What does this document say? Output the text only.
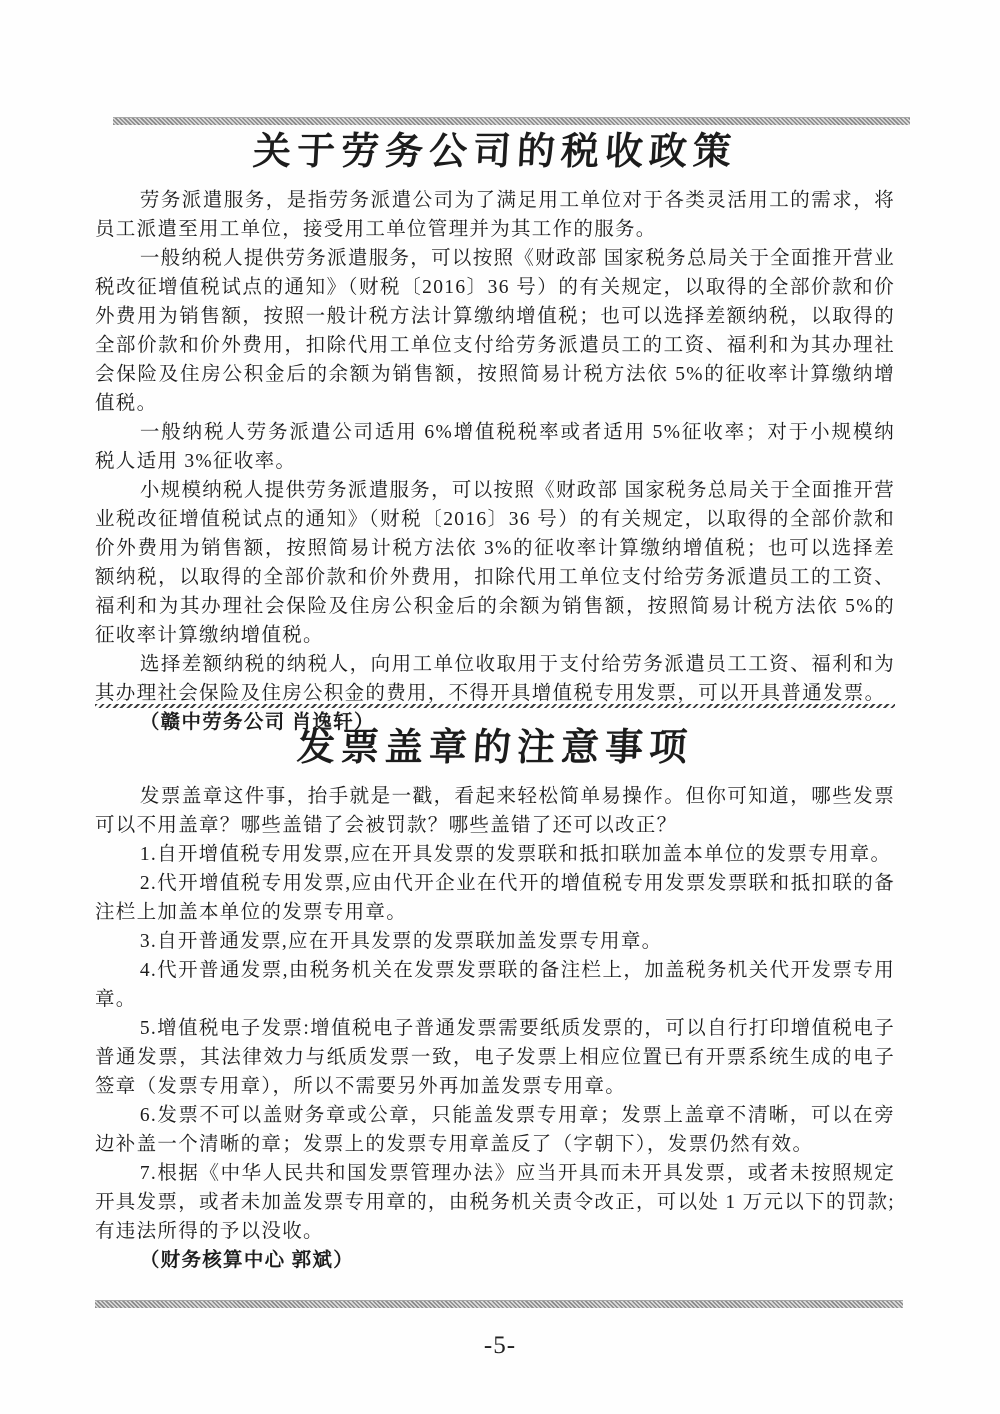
关于劳务公司的税收政策

劳务派遣服务，是指劳务派遣公司为了满足用工单位对于各类灵活用工的需求，将员工派遣至用工单位，接受用工单位管理并为其工作的服务。

一般纳税人提供劳务派遣服务，可以按照《财政部 国家税务总局关于全面推开营业税改征增值税试点的通知》（财税〔2016〕36 号）的有关规定，以取得的全部价款和价外费用为销售额，按照一般计税方法计算缴纳增值税；也可以选择差额纳税，以取得的全部价款和价外费用，扣除代用工单位支付给劳务派遣员工的工资、福利和为其办理社会保险及住房公积金后的余额为销售额，按照简易计税方法依 5%的征收率计算缴纳增值税。

一般纳税人劳务派遣公司适用 6%增值税税率或者适用 5%征收率；对于小规模纳税人适用 3%征收率。

小规模纳税人提供劳务派遣服务，可以按照《财政部 国家税务总局关于全面推开营业税改征增值税试点的通知》（财税〔2016〕36 号）的有关规定，以取得的全部价款和价外费用为销售额，按照简易计税方法依 3%的征收率计算缴纳增值税；也可以选择差额纳税，以取得的全部价款和价外费用，扣除代用工单位支付给劳务派遣员工的工资、福利和为其办理社会保险及住房公积金后的余额为销售额，按照简易计税方法依 5%的征收率计算缴纳增值税。

选择差额纳税的纳税人，向用工单位收取用于支付给劳务派遣员工工资、福利和为其办理社会保险及住房公积金的费用，不得开具增值税专用发票，可以开具普通发票。

（赣中劳务公司 肖逸轩）

发票盖章的注意事项

发票盖章这件事，抬手就是一戳，看起来轻松简单易操作。但你可知道，哪些发票可以不用盖章？哪些盖错了会被罚款？哪些盖错了还可以改正？

1.自开增值税专用发票,应在开具发票的发票联和抵扣联加盖本单位的发票专用章。

2.代开增值税专用发票,应由代开企业在代开的增值税专用发票发票联和抵扣联的备注栏上加盖本单位的发票专用章。

3.自开普通发票,应在开具发票的发票联加盖发票专用章。

4.代开普通发票,由税务机关在发票发票联的备注栏上，加盖税务机关代开发票专用章。

5.增值税电子发票:增值税电子普通发票需要纸质发票的，可以自行打印增值税电子普通发票，其法律效力与纸质发票一致，电子发票上相应位置已有开票系统生成的电子签章（发票专用章），所以不需要另外再加盖发票专用章。

6.发票不可以盖财务章或公章，只能盖发票专用章；发票上盖章不清晰，可以在旁边补盖一个清晰的章；发票上的发票专用章盖反了（字朝下），发票仍然有效。

7.根据《中华人民共和国发票管理办法》应当开具而未开具发票，或者未按照规定开具发票，或者未加盖发票专用章的，由税务机关责令改正，可以处 1 万元以下的罚款;有违法所得的予以没收。

（财务核算中心 郭斌）

-5-
